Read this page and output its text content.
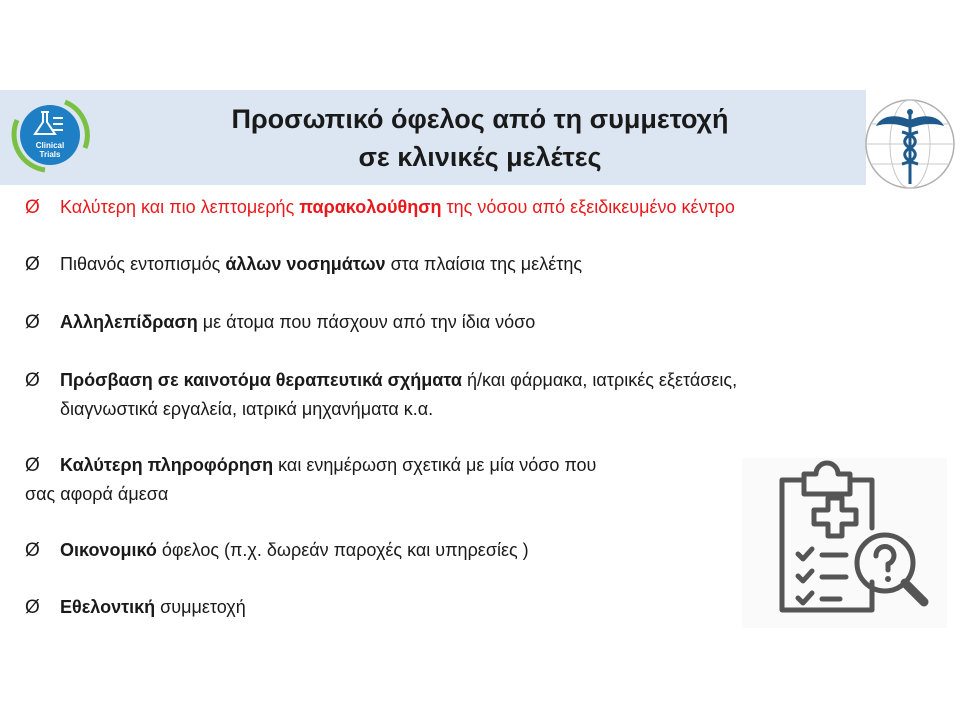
Clinical
Trials
Προσωπικό όφελος από τη συμμετοχή
σε κλινικές μελέτες
Ø	Καλύτερη και πιο λεπτομερής παρακολούθηση της νόσου από εξειδικευμένο κέντρο
Ø	Πιθανός εντοπισμός άλλων νοσημάτων στα πλαίσια της μελέτης
Ø	Αλληλεπίδραση με άτομα που πάσχουν από την ίδια νόσο
Ø	Πρόσβαση σε καινοτόμα θεραπευτικά σχήματα ή/και φάρμακα, ιατρικές εξετάσεις,
διαγνωστικά εργαλεία, ιατρικά μηχανήματα κ.α.
Ø	Καλύτερη πληροφόρηση και ενημέρωση σχετικά με μία νόσο που
σας αφορά άμεσα
Ø	Οικονομικό όφελος (π.χ. δωρεάν παροχές και υπηρεσίες )
Ø	Εθελοντική συμμετοχή
